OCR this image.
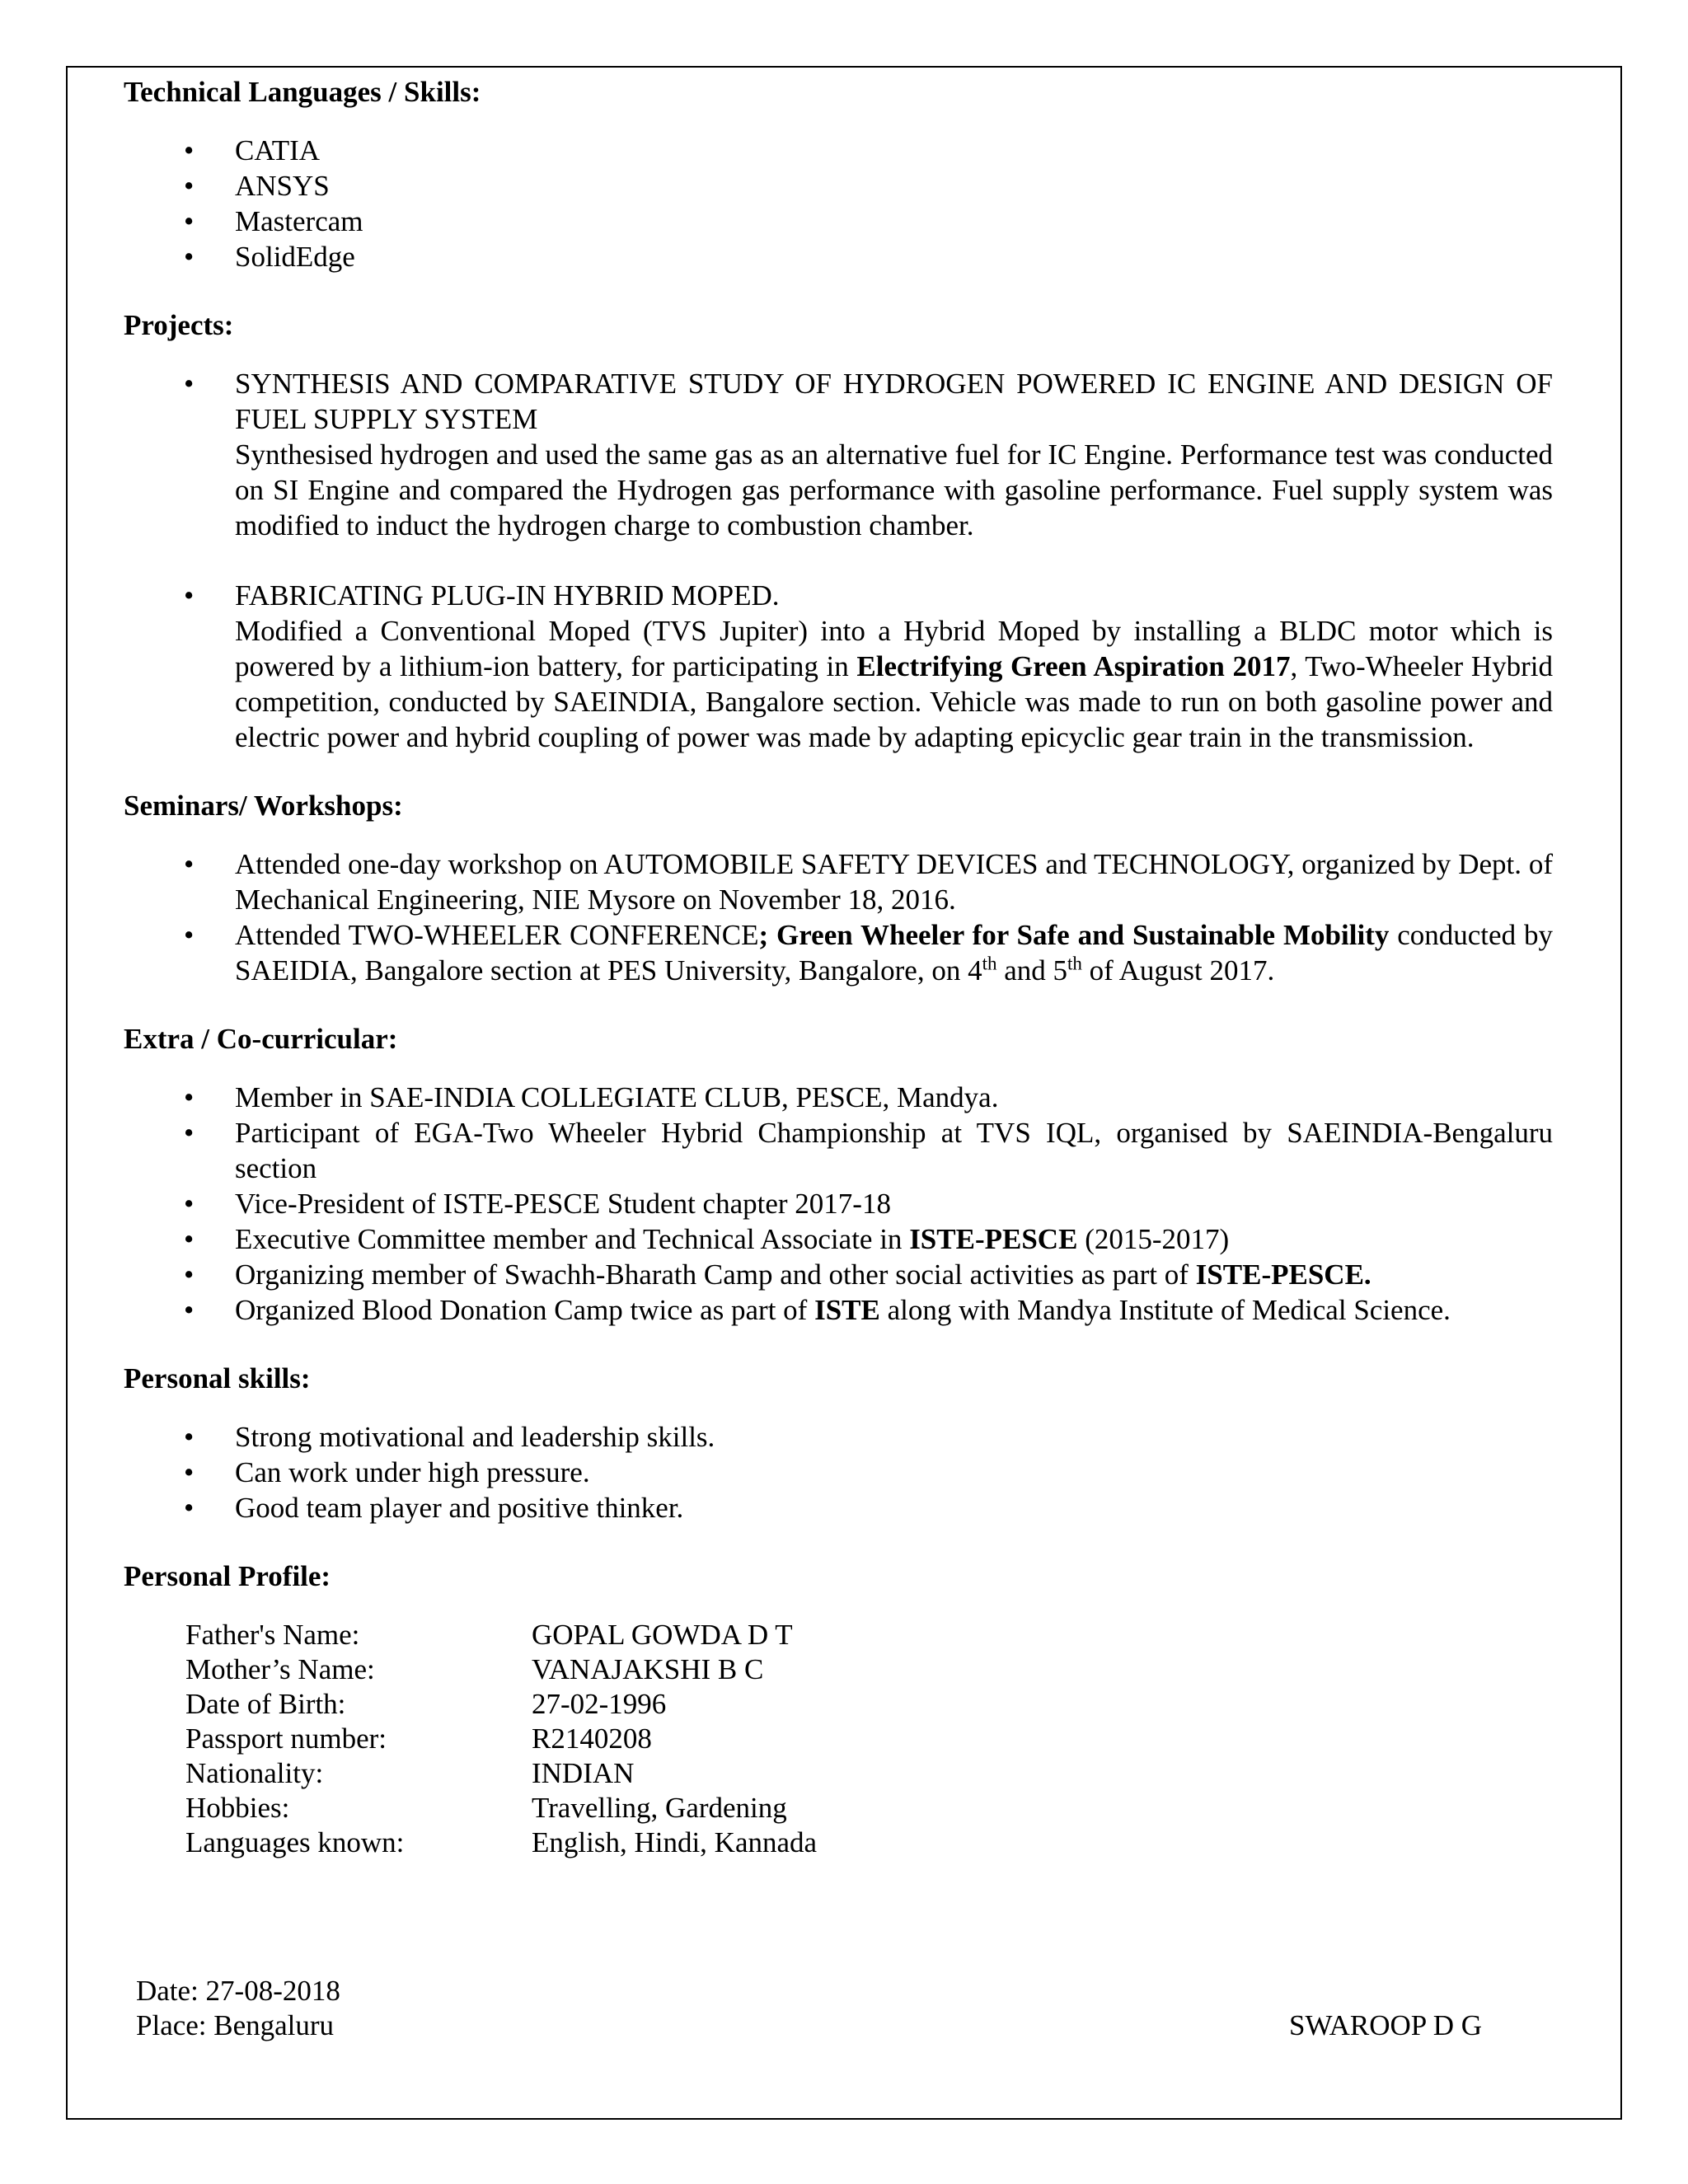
Technical Languages / Skills:

• CATIA
• ANSYS
• Mastercam
• SolidEdge

Projects:

• SYNTHESIS AND COMPARATIVE STUDY OF HYDROGEN POWERED IC ENGINE AND DESIGN OF FUEL SUPPLY SYSTEM
Synthesised hydrogen and used the same gas as an alternative fuel for IC Engine. Performance test was conducted on SI Engine and compared the Hydrogen gas performance with gasoline performance. Fuel supply system was modified to induct the hydrogen charge to combustion chamber.
• FABRICATING PLUG-IN HYBRID MOPED.
Modified a Conventional Moped (TVS Jupiter) into a Hybrid Moped by installing a BLDC motor which is powered by a lithium-ion battery, for participating in Electrifying Green Aspiration 2017, Two-Wheeler Hybrid competition, conducted by SAEINDIA, Bangalore section. Vehicle was made to run on both gasoline power and electric power and hybrid coupling of power was made by adapting epicyclic gear train in the transmission.

Seminars/ Workshops:

• Attended one-day workshop on AUTOMOBILE SAFETY DEVICES and TECHNOLOGY, organized by Dept. of Mechanical Engineering, NIE Mysore on November 18, 2016.
• Attended TWO-WHEELER CONFERENCE; Green Wheeler for Safe and Sustainable Mobility conducted by SAEIDIA, Bangalore section at PES University, Bangalore, on 4th and 5th of August 2017.

Extra / Co-curricular:

• Member in SAE-INDIA COLLEGIATE CLUB, PESCE, Mandya.
• Participant of EGA-Two Wheeler Hybrid Championship at TVS IQL, organised by SAEINDIA-Bengaluru section
• Vice-President of ISTE-PESCE Student chapter 2017-18
• Executive Committee member and Technical Associate in ISTE-PESCE (2015-2017)
• Organizing member of Swachh-Bharath Camp and other social activities as part of ISTE-PESCE.
• Organized Blood Donation Camp twice as part of ISTE along with Mandya Institute of Medical Science.

Personal skills:

• Strong motivational and leadership skills.
• Can work under high pressure.
• Good team player and positive thinker.

Personal Profile:

Father's Name:	GOPAL GOWDA D T
Mother’s Name:	VANAJAKSHI B C
Date of Birth:	27-02-1996
Passport number:	R2140208
Nationality:	INDIAN
Hobbies:	Travelling, Gardening
Languages known:	English, Hindi, Kannada
Date: 27-08-2018
Place: Bengaluru	SWAROOP D G
